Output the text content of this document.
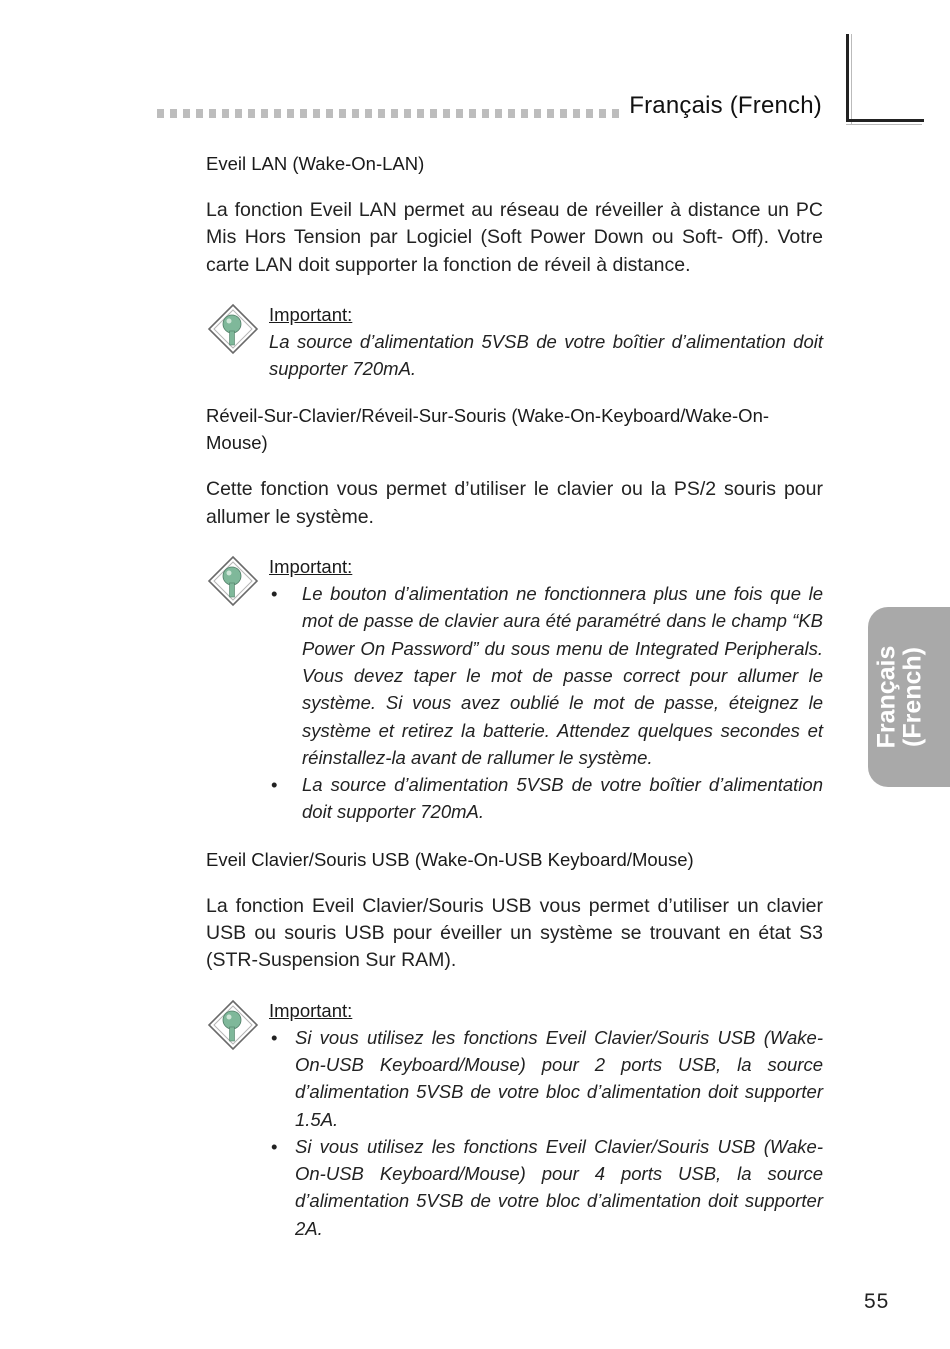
Français (French)
Français
(French)
Eveil LAN (Wake-On-LAN)
La fonction Eveil LAN permet au réseau de réveiller à distance un PC Mis Hors Tension par Logiciel (Soft Power Down ou Soft- Off). Votre carte LAN doit supporter la fonction de réveil à distance.
Important:
La source d’alimentation 5VSB de votre boîtier d’alimentation doit supporter 720mA.
Réveil-Sur-Clavier/Réveil-Sur-Souris (Wake-On-Keyboard/Wake-On-Mouse)
Cette fonction vous permet d’utiliser le clavier ou la PS/2 souris pour allumer le système.
Important:
• Le bouton d’alimentation ne fonctionnera plus une fois que le mot de passe de clavier aura été paramétré dans le champ “KB Power On Password” du sous menu de Integrated Peripherals. Vous devez taper le mot de passe correct pour allumer le système. Si vous avez oublié le mot de passe, éteignez le système et retirez la batterie. Attendez quelques secondes et réinstallez-la avant de rallumer le système.
• La source d’alimentation 5VSB de votre boîtier d’alimentation doit supporter 720mA.
Eveil Clavier/Souris USB (Wake-On-USB Keyboard/Mouse)
La fonction Eveil Clavier/Souris USB vous permet d’utiliser un clavier USB ou souris USB pour éveiller un système se trouvant en état S3 (STR-Suspension Sur RAM).
Important:
• Si vous utilisez les fonctions Eveil Clavier/Souris USB (Wake-On-USB Keyboard/Mouse) pour 2 ports USB, la source d’alimentation 5VSB de votre bloc d’alimentation doit supporter 1.5A.
• Si vous utilisez les fonctions Eveil Clavier/Souris USB (Wake-On-USB Keyboard/Mouse) pour 4 ports USB, la source d’alimentation 5VSB de votre bloc d’alimentation doit supporter 2A.
55
